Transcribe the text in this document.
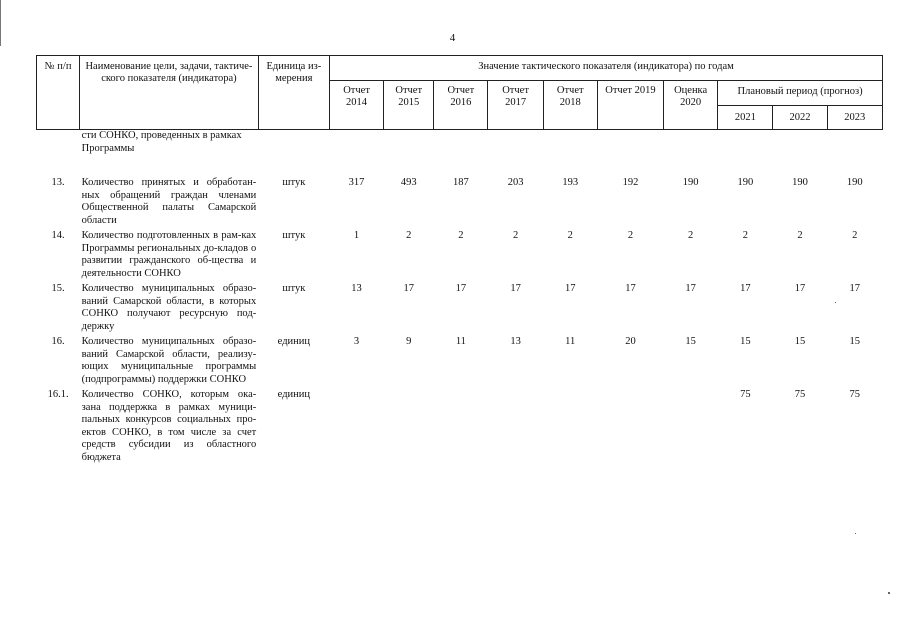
4
№ п/п	Наименование цели, задачи, тактиче-ского показателя (индикатора)	Единица из-мерения	Значение тактического показателя (индикатора) по годам									
			Отчет 2014	Отчет 2015	Отчет 2016	Отчет 2017	Отчет 2018	Отчет 2019	Оценка 2020	Плановый период (прогноз)		
										2021	2022	2023
	сти СОНКО, проведенных в рамках Программы											
13.	Количество принятых и обработан-ных обращений граждан членами Общественной палаты Самарской области	штук	317	493	187	203	193	192	190	190	190	190
14.	Количество подготовленных в рам-ках Программы региональных до-кладов о развитии гражданского об-щества и деятельности СОНКО	штук	1	2	2	2	2	2	2	2	2	2
15.	Количество муниципальных образо-ваний Самарской области, в которых СОНКО получают ресурсную под-держку	штук	13	17	17	17	17	17	17	17	17	17
16.	Количество муниципальных образо-ваний Самарской области, реализу-ющих муниципальные программы (подпрограммы) поддержки СОНКО	единиц	3	9	11	13	11	20	15	15	15	15
16.1.	Количество СОНКО, которым ока-зана поддержка в рамках муници-пальных конкурсов социальных про-ектов СОНКО, в том числе за счет средств субсидии из областного бюджета	единиц								75	75	75
